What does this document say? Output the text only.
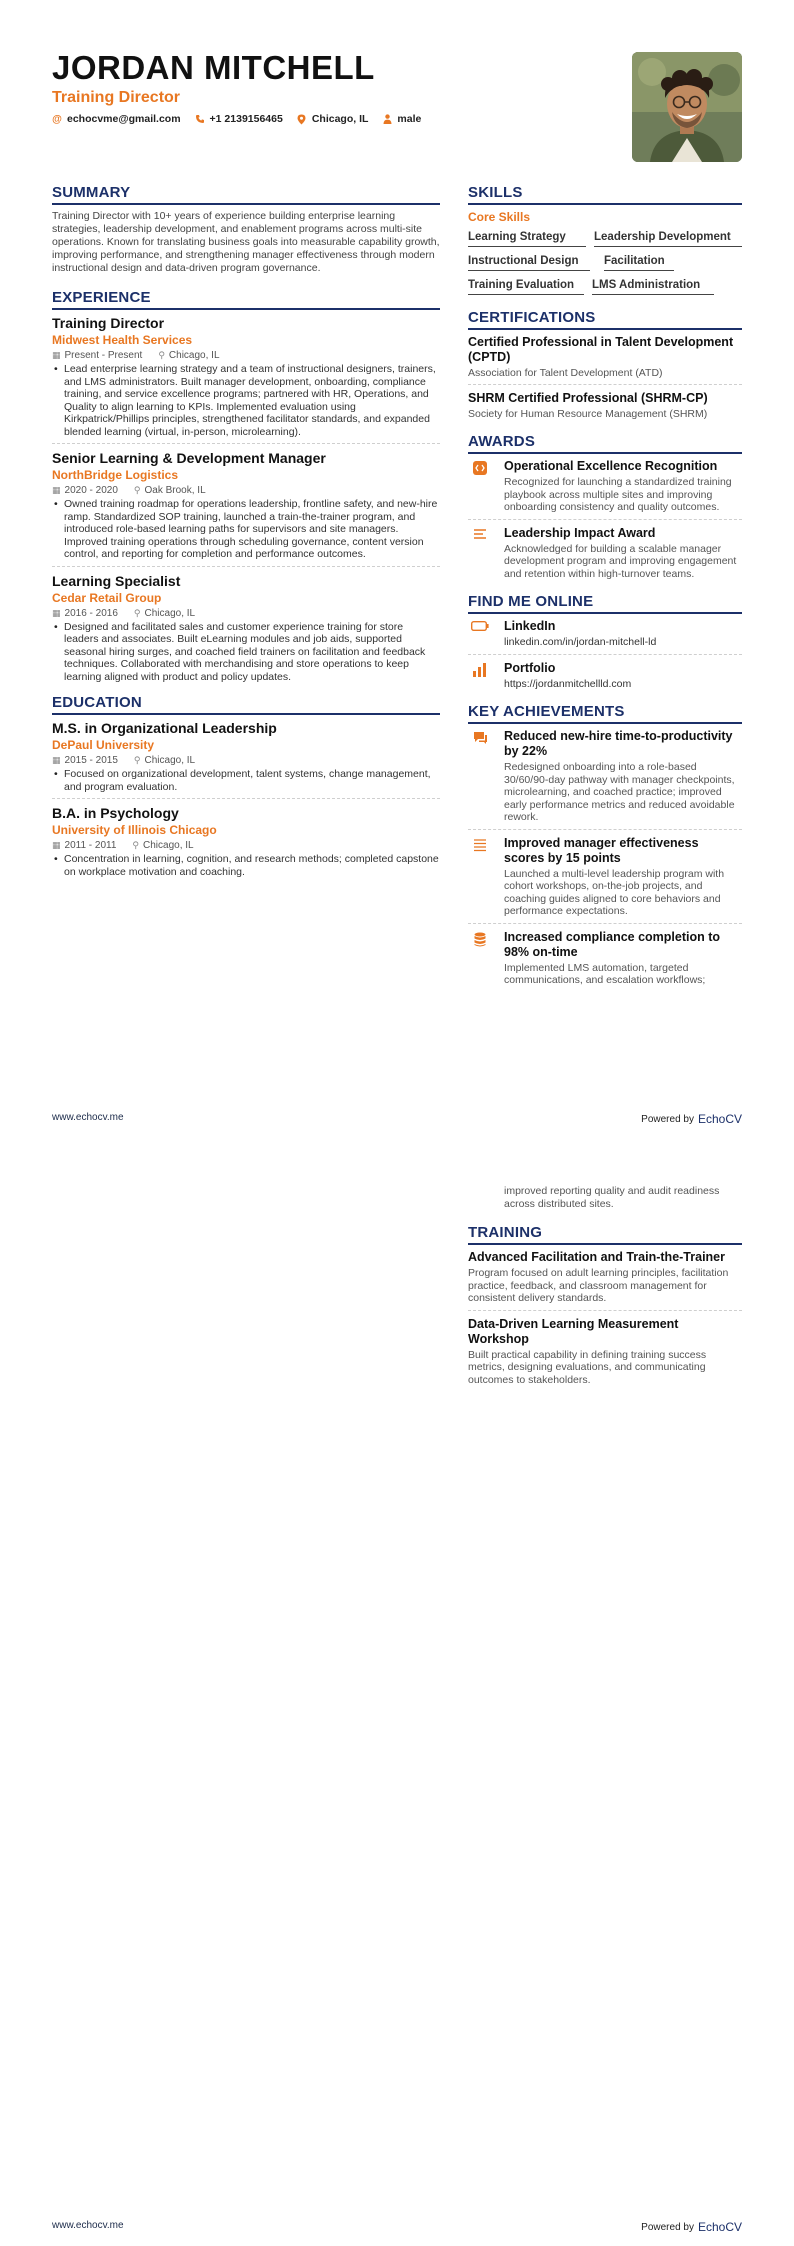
JORDAN MITCHELL
Training Director
@ echocvme@gmail.com	+1 2139156465	Chicago, IL	male
SUMMARY
Training Director with 10+ years of experience building enterprise learning strategies, leadership development, and enablement programs across multi-site operations. Known for translating business goals into measurable capability growth, improving performance, and strengthening manager effectiveness through modern instructional design and data-driven program governance.
EXPERIENCE
Training Director
Midwest Health Services
▦ Present - Present ⚲ Chicago, IL
• Lead enterprise learning strategy and a team of instructional designers, trainers, and LMS administrators. Built manager development, onboarding, compliance training, and service excellence programs; partnered with HR, Operations, and Quality to align learning to KPIs. Implemented evaluation using Kirkpatrick/Phillips principles, strengthened facilitator standards, and expanded blended learning (virtual, in-person, microlearning).
Senior Learning & Development Manager
NorthBridge Logistics
▦ 2020 - 2020 ⚲ Oak Brook, IL
• Owned training roadmap for operations leadership, frontline safety, and new-hire ramp. Standardized SOP training, launched a train-the-trainer program, and introduced role-based learning paths for supervisors and site managers. Improved training operations through scheduling governance, content version control, and reporting for completion and performance outcomes.
Learning Specialist
Cedar Retail Group
▦ 2016 - 2016 ⚲ Chicago, IL
• Designed and facilitated sales and customer experience training for store leaders and associates. Built eLearning modules and job aids, supported seasonal hiring surges, and coached field trainers on facilitation and feedback techniques. Collaborated with merchandising and store operations to keep learning aligned with product and policy updates.
EDUCATION
M.S. in Organizational Leadership
DePaul University
▦ 2015 - 2015 ⚲ Chicago, IL
• Focused on organizational development, talent systems, change management, and program evaluation.
B.A. in Psychology
University of Illinois Chicago
▦ 2011 - 2011 ⚲ Chicago, IL
• Concentration in learning, cognition, and research methods; completed capstone on workplace motivation and coaching.
SKILLS
Core Skills
Learning Strategy	Leadership Development
Instructional Design	Facilitation
Training Evaluation	LMS Administration
CERTIFICATIONS
Certified Professional in Talent Development (CPTD)
Association for Talent Development (ATD)
SHRM Certified Professional (SHRM-CP)
Society for Human Resource Management (SHRM)
AWARDS
Operational Excellence Recognition
Recognized for launching a standardized training playbook across multiple sites and improving onboarding consistency and quality outcomes.
Leadership Impact Award
Acknowledged for building a scalable manager development program and improving engagement and retention within high-turnover teams.
FIND ME ONLINE
LinkedIn
linkedin.com/in/jordan-mitchell-ld
Portfolio
https://jordanmitchellld.com
KEY ACHIEVEMENTS
Reduced new-hire time-to-productivity by 22%
Redesigned onboarding into a role-based 30/60/90-day pathway with manager checkpoints, microlearning, and coached practice; improved early performance metrics and reduced avoidable rework.
Improved manager effectiveness scores by 15 points
Launched a multi-level leadership program with cohort workshops, on-the-job projects, and coaching guides aligned to core behaviors and performance expectations.
Increased compliance completion to 98% on-time
Implemented LMS automation, targeted communications, and escalation workflows;
www.echocv.me	Powered by EchoCV
improved reporting quality and audit readiness across distributed sites.
TRAINING
Advanced Facilitation and Train-the-Trainer
Program focused on adult learning principles, facilitation practice, feedback, and classroom management for consistent delivery standards.
Data-Driven Learning Measurement Workshop
Built practical capability in defining training success metrics, designing evaluations, and communicating outcomes to stakeholders.
www.echocv.me	Powered by EchoCV
